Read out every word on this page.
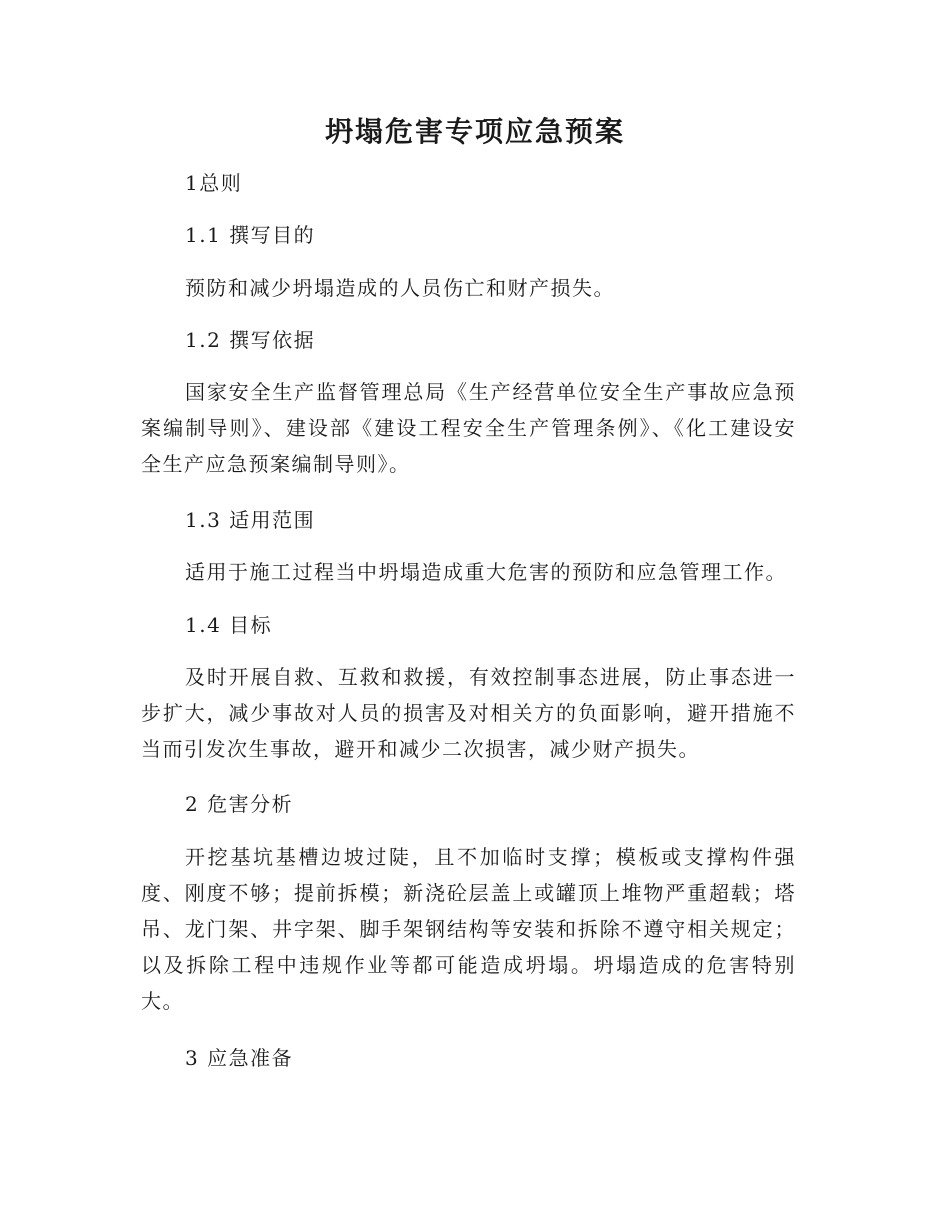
坍塌危害专项应急预案

1总则

1.1 撰写目的

预防和减少坍塌造成的人员伤亡和财产损失。

1.2 撰写依据

国家安全生产监督管理总局《生产经营单位安全生产事故应急预案编制导则》、建设部《建设工程安全生产管理条例》、《化工建设安全生产应急预案编制导则》。

1.3 适用范围

适用于施工过程当中坍塌造成重大危害的预防和应急管理工作。

1.4 目标

及时开展自救、互救和救援，有效控制事态进展，防止事态进一步扩大，减少事故对人员的损害及对相关方的负面影响，避开措施不当而引发次生事故，避开和减少二次损害，减少财产损失。

2 危害分析

开挖基坑基槽边坡过陡，且不加临时支撑；模板或支撑构件强度、刚度不够；提前拆模；新浇砼层盖上或罐顶上堆物严重超载；塔吊、龙门架、井字架、脚手架钢结构等安装和拆除不遵守相关规定；以及拆除工程中违规作业等都可能造成坍塌。坍塌造成的危害特别大。

3 应急准备
